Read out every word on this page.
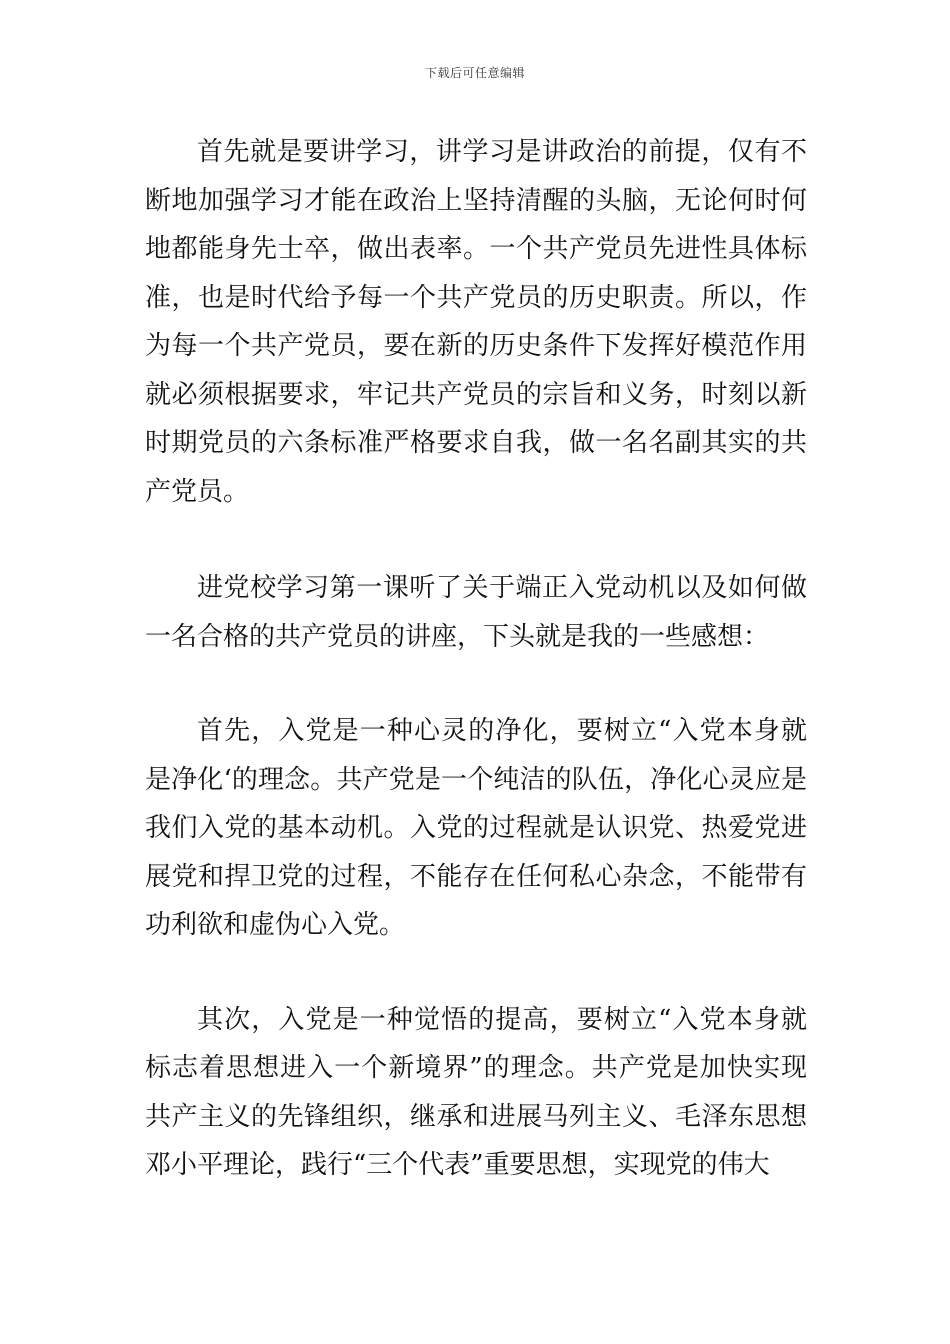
下载后可任意编辑

首先就是要讲学习，讲学习是讲政治的前提，仅有不断地加强学习才能在政治上坚持清醒的头脑，无论何时何地都能身先士卒，做出表率。一个共产党员先进性具体标准，也是时代给予每一个共产党员的历史职责。所以，作为每一个共产党员，要在新的历史条件下发挥好模范作用就必须根据要求，牢记共产党员的宗旨和义务，时刻以新时期党员的六条标准严格要求自我，做一名名副其实的共产党员。

进党校学习第一课听了关于端正入党动机以及如何做一名合格的共产党员的讲座，下头就是我的一些感想：

首先，入党是一种心灵的净化，要树立“入党本身就是净化‘的理念。共产党是一个纯洁的队伍，净化心灵应是我们入党的基本动机。入党的过程就是认识党、热爱党进展党和捍卫党的过程，不能存在任何私心杂念，不能带有功利欲和虚伪心入党。

其次，入党是一种觉悟的提高，要树立“入党本身就标志着思想进入一个新境界”的理念。共产党是加快实现共产主义的先锋组织，继承和进展马列主义、毛泽东思想邓小平理论，践行“三个代表”重要思想，实现党的伟大
